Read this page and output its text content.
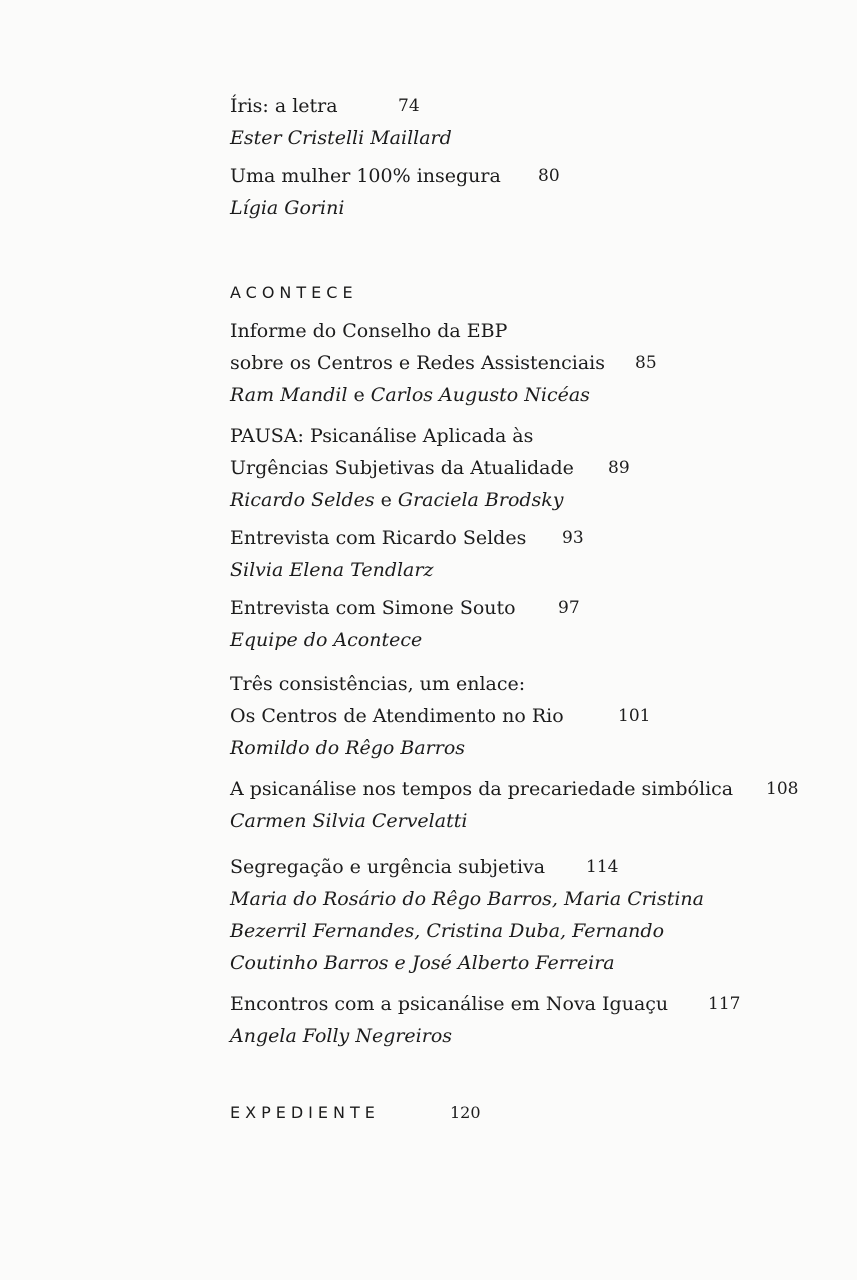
Íris: a letra	74
Ester Cristelli Maillard
Uma mulher 100% insegura 80
Lígia Gorini
ACONTECE
Informe do Conselho da EBP
sobre os Centros e Redes Assistenciais 85
Ram Mandil e Carlos Augusto Nicéas
PAUSA: Psicanálise Aplicada às
Urgências Subjetivas da Atualidade 89
Ricardo Seldes e Graciela Brodsky
Entrevista com Ricardo Seldes 93
Silvia Elena Tendlarz
Entrevista com Simone Souto 97
Equipe do Acontece
Três consistências, um enlace:
Os Centros de Atendimento no Rio	101
Romildo do Rêgo Barros
A psicanálise nos tempos da precariedade simbólica 108
Carmen Silvia Cervelatti
Segregação e urgência subjetiva 114
Maria do Rosário do Rêgo Barros, Maria Cristina
Bezerril Fernandes, Cristina Duba, Fernando
Coutinho Barros e José Alberto Ferreira
Encontros com a psicanálise em Nova Iguaçu 117
Angela Folly Negreiros
EXPEDIENTE	120
